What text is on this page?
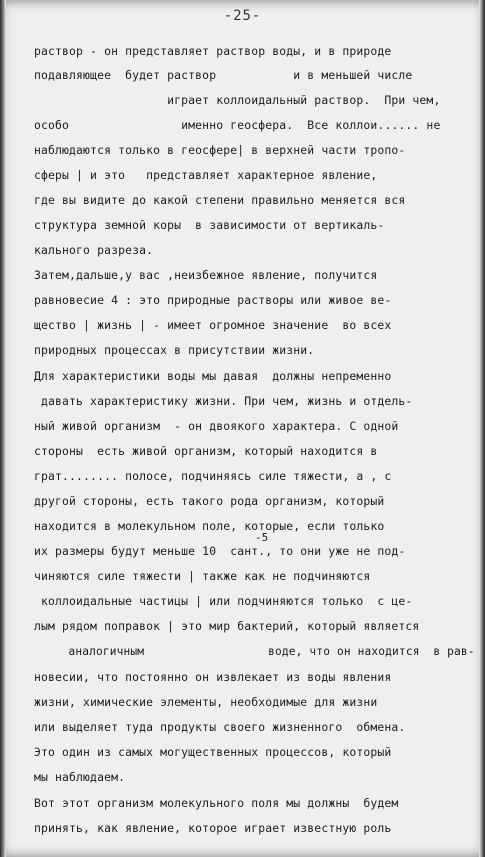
-25-
раствор - он представляет раствор воды, и в природе
подавляющее  будет раствор           и в меньшей числе
играет коллоидальный раствор.  При чем,
особо                именно геосфера.  Все коллои...... не
наблюдаются только в геосфере| в верхней части тропо-
сферы | и это   представляет характерное явление,
где вы видите до какой степени правильно меняется вся
структура земной коры  в зависимости от вертикаль-
кального разреза.
Затем,дальше,у вас ,неизбежное явление, получится
равновесие 4 : это природные растворы или живое ве-
щество | жизнь | - имеет огромное значение  во всех
природных процессах в присутствии жизни.
Для характеристики воды мы давая  должны непременно
давать характеристику жизни. При чем, жизнь и отдель-
ный живой организм  - он двоякого характера. С одной
стороны  есть живой организм, который находится в
грат........ полосе, подчиняясь силе тяжести, а , с
другой стороны, есть такого рода организм, который
находится в молекульном поле, которые, если только
их размеры будут меньше 10  сант., то они уже не под-
чиняются силе тяжести | также как не подчиняются
коллоидальные частицы | или подчиняются только  с це-
лым рядом поправок | это мир бактерий, который является
аналогичным                  воде, что он находится  в рав-
новесии, что постоянно он извлекает из воды явления
жизни, химические элементы, необходимые для жизни
или выделяет туда продукты своего жизненного  обмена.
Это один из самых могущественных процессов, который
мы наблюдаем.
Вот этот организм молекульного поля мы должны  будем
принять, как явление, которое играет известную роль
-5
